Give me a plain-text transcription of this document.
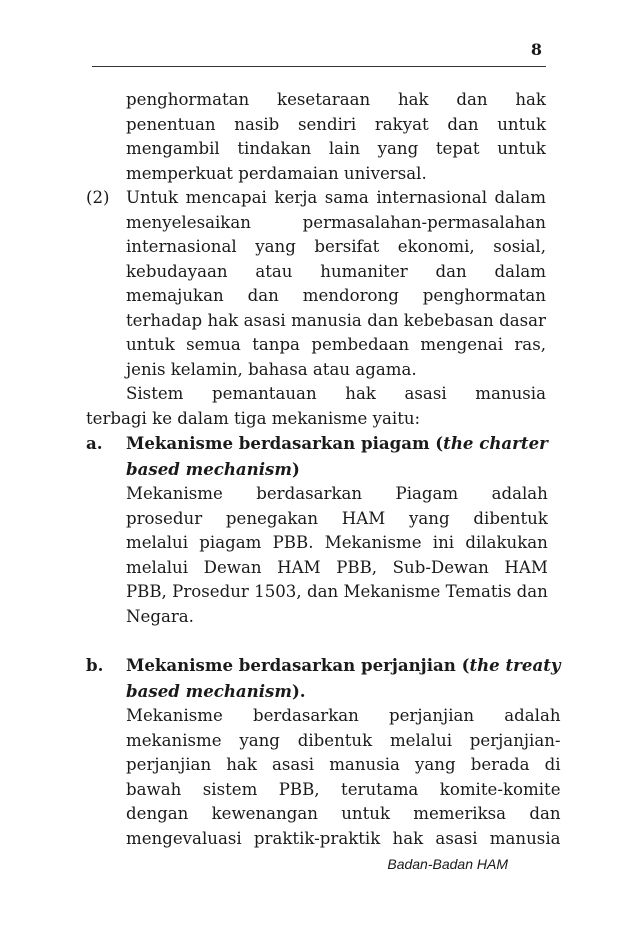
8
penghormatan kesetaraan hak dan hak
penentuan nasib sendiri rakyat dan untuk
mengambil tindakan lain yang tepat untuk
memperkuat perdamaian universal.
(2) Untuk mencapai kerja sama internasional dalam
menyelesaikan permasalahan-permasalahan
internasional yang bersifat ekonomi, sosial,
kebudayaan atau humaniter dan dalam
memajukan dan mendorong penghormatan
terhadap hak asasi manusia dan kebebasan dasar
untuk semua tanpa pembedaan mengenai ras,
jenis kelamin, bahasa atau agama.
Sistem pemantauan hak asasi manusia
terbagi ke dalam tiga mekanisme yaitu:
a.	Mekanisme berdasarkan piagam (the charter
based mechanism)
Mekanisme berdasarkan Piagam adalah
prosedur penegakan HAM yang dibentuk
melalui piagam PBB. Mekanisme ini dilakukan
melalui Dewan HAM PBB, Sub-Dewan HAM
PBB, Prosedur 1503, dan Mekanisme Tematis dan
Negara.
b.	Mekanisme berdasarkan perjanjian (the treaty
based mechanism).
Mekanisme berdasarkan perjanjian adalah
mekanisme yang dibentuk melalui perjanjian-
perjanjian hak asasi manusia yang berada di
bawah sistem PBB, terutama komite-komite
dengan kewenangan untuk memeriksa dan
mengevaluasi praktik-praktik hak asasi manusia
Badan-Badan HAM
